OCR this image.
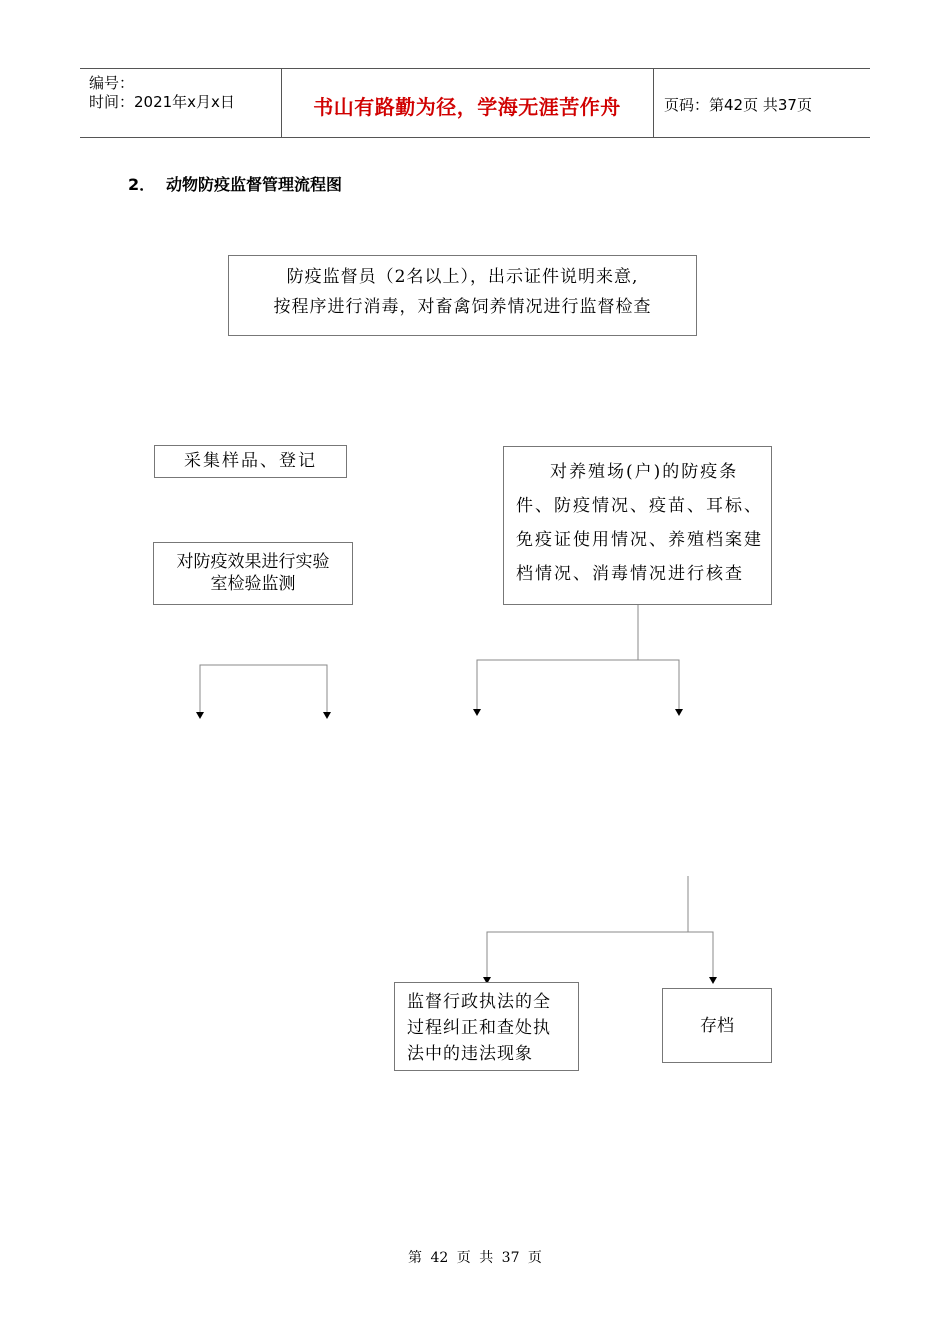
编号：
时间：2021年x月x日	书山有路勤为径，学海无涯苦作舟	页码：第42页 共37页
2． 动物防疫监督管理流程图
防疫监督员（2名以上），出示证件说明来意,
按程序进行消毒，对畜禽饲养情况进行监督检查
采集样品、登记
对防疫效果进行实验
室检验监测
对养殖场(户)的防疫条件、防疫情况、疫苗、耳标、免疫证使用情况、养殖档案建档情况、消毒情况进行核查
监督行政执法的全
过程纠正和查处执
法中的违法现象
存档
第 42 页 共 37 页
